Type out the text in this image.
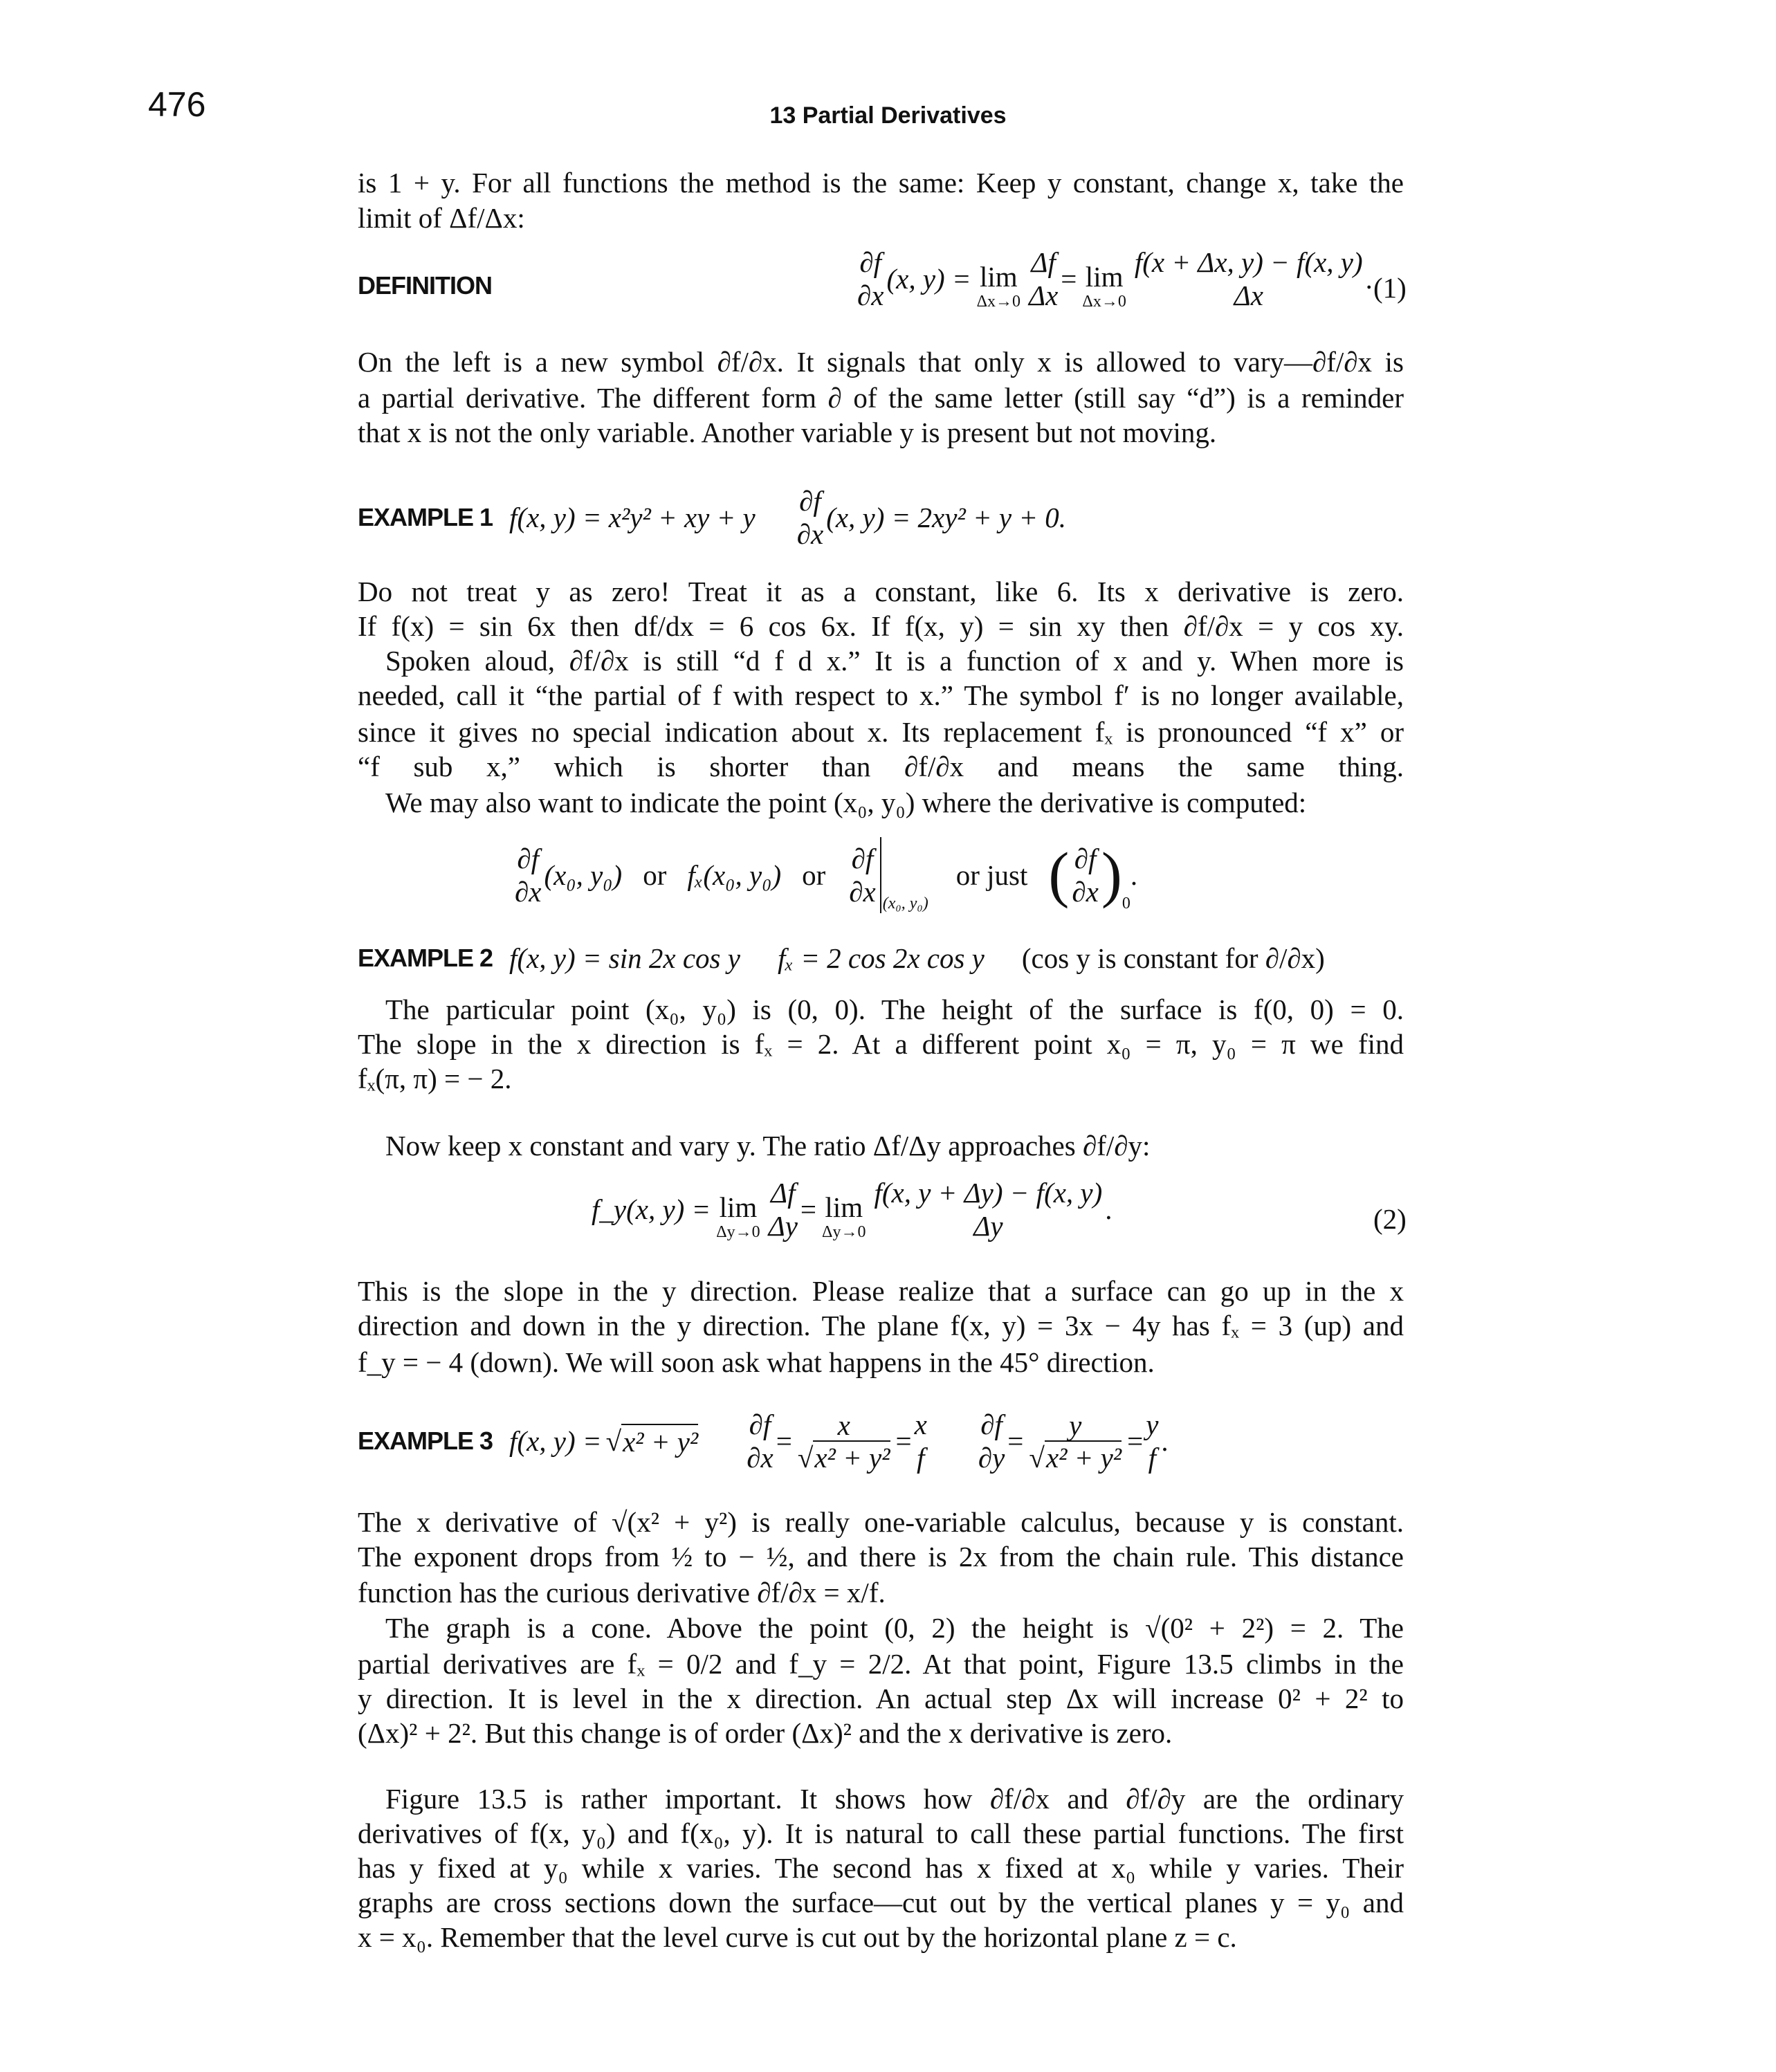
476	13 Partial Derivatives
is 1 + y. For all functions the method is the same: Keep y constant, change x, take the
limit of Δf/Δx:
On the left is a new symbol ∂f/∂x. It signals that only x is allowed to vary—∂f/∂x is
a partial derivative. The different form ∂ of the same letter (still say “d”) is a reminder
that x is not the only variable. Another variable y is present but not moving.
Do not treat y as zero! Treat it as a constant, like 6. Its x derivative is zero.
If f(x) = sin 6x then df/dx = 6 cos 6x. If f(x, y) = sin xy then ∂f/∂x = y cos xy.
Spoken aloud, ∂f/∂x is still “d f d x.” It is a function of x and y. When more is
needed, call it “the partial of f with respect to x.” The symbol f′ is no longer available,
since it gives no special indication about x. Its replacement fₓ is pronounced “f x” or
“f sub x,” which is shorter than ∂f/∂x and means the same thing.
We may also want to indicate the point (x₀, y₀) where the derivative is computed:
The particular point (x₀, y₀) is (0, 0). The height of the surface is f(0, 0) = 0.
The slope in the x direction is fₓ = 2. At a different point x₀ = π, y₀ = π we find
fₓ(π, π) = − 2.
Now keep x constant and vary y. The ratio Δf/Δy approaches ∂f/∂y:
This is the slope in the y direction. Please realize that a surface can go up in the x
direction and down in the y direction. The plane f(x, y) = 3x − 4y has fₓ = 3 (up) and
f_y = − 4 (down). We will soon ask what happens in the 45° direction.
The x derivative of √(x² + y²) is really one-variable calculus, because y is constant.
The exponent drops from ½ to − ½, and there is 2x from the chain rule. This distance
function has the curious derivative ∂f/∂x = x/f.
The graph is a cone. Above the point (0, 2) the height is √(0² + 2²) = 2. The
partial derivatives are fₓ = 0/2 and f_y = 2/2. At that point, Figure 13.5 climbs in the
y direction. It is level in the x direction. An actual step Δx will increase 0² + 2² to
(Δx)² + 2². But this change is of order (Δx)² and the x derivative is zero.
Figure 13.5 is rather important. It shows how ∂f/∂x and ∂f/∂y are the ordinary
derivatives of f(x, y₀) and f(x₀, y). It is natural to call these partial functions. The first
has y fixed at y₀ while x varies. The second has x fixed at x₀ while y varies. Their
graphs are cross sections down the surface—cut out by the vertical planes y = y₀ and
x = x₀. Remember that the level curve is cut out by the horizontal plane z = c.
DEFINITION
∂f
∂x
(x, y) = lim
Δx→0
Δf
Δx
= lim
Δx→0
f(x + Δx, y) − f(x, y)
Δx
. (1)
EXAMPLE 1 f(x, y) = x²y² + xy + y
∂f
∂x
(x, y) = 2xy² + y + 0.
∂f
∂x
(x₀, y₀) or fₓ(x₀, y₀) or
∂f
∂x (x₀, y₀)
or just ( ∂f
∂x ) 0
.
EXAMPLE 2 f(x, y) = sin 2x cos y fₓ = 2 cos 2x cos y (cos y is constant for ∂/∂x)
f_y(x, y) = lim
Δy→0
Δf
Δy
= lim
Δy→0
f(x, y + Δy) − f(x, y)
Δy
.	(2)
EXAMPLE 3 f(x, y) = √ x² + y²
∂f
∂x
= x
√x² + y²
=
x
f
∂f
∂y
= y
√x² + y²
=
y
f
.
